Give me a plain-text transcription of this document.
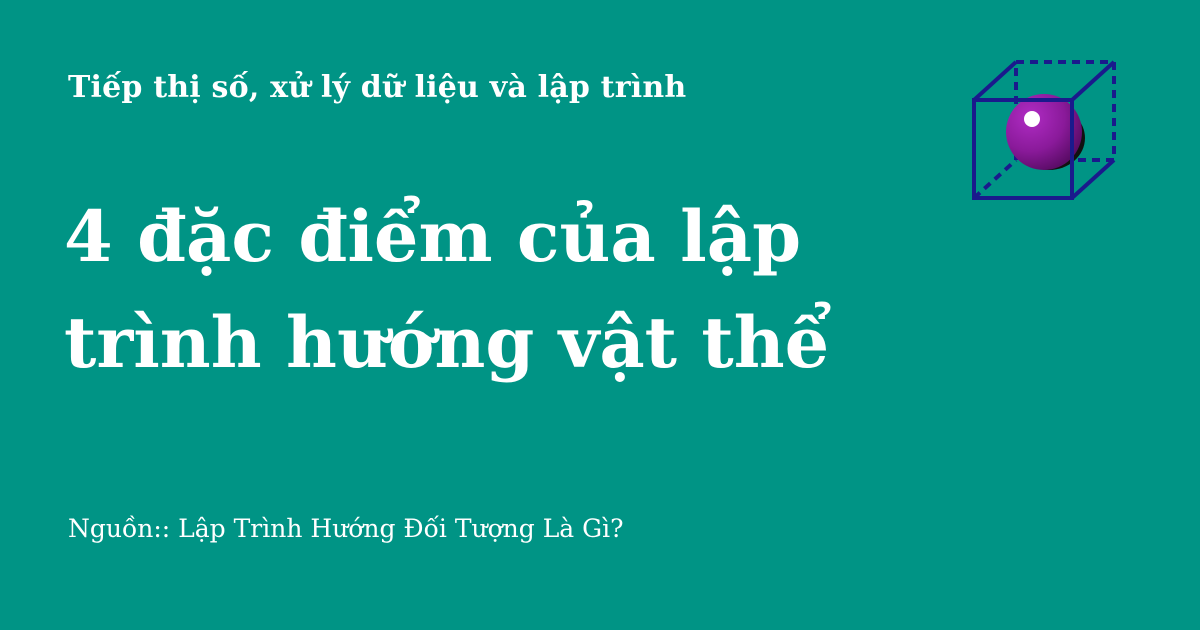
Tiếp thị số, xử lý dữ liệu và lập trình
4 đặc điểm của lập trình hướng vật thể
Nguồn:: Lập Trình Hướng Đối Tượng Là Gì?
